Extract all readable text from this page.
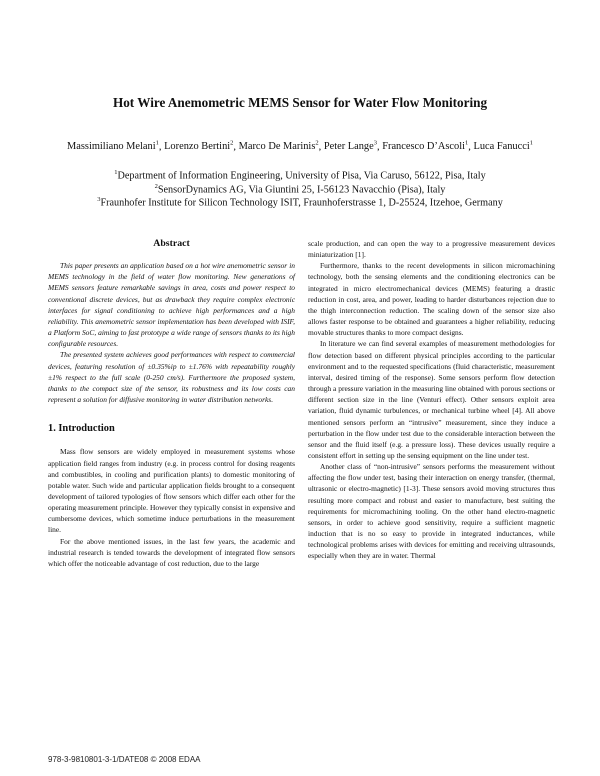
Hot Wire Anemometric MEMS Sensor for Water Flow Monitoring
Massimiliano Melani$^1$, Lorenzo Bertini$^2$, Marco De Marinis$^2$, Peter Lange$^3$, Francesco D’Ascoli$^1$, Luca Fanucci$^1$
$^1$Department of Information Engineering, University of Pisa, Via Caruso, 56122, Pisa, Italy
$^2$SensorDynamics AG, Via Giuntini 25, I-56123 Navacchio (Pisa), Italy
$^3$Fraunhofer Institute for Silicon Technology ISIT, Fraunhoferstrasse 1, D-25524, Itzehoe, Germany
Abstract

This paper presents an application based on a hot wire anemometric sensor in MEMS technology in the field of water flow monitoring. New generations of MEMS sensors feature remarkable savings in area, costs and power respect to conventional discrete devices, but as drawback they require complex electronic interfaces for signal conditioning to achieve high performances and a high reliability. This anemometric sensor implementation has been developed with ISIF, a Platform SoC, aiming to fast prototype a wide range of sensors thanks to its high configurable resources.

The presented system achieves good performances with respect to commercial devices, featuring resolution of ±0.35%ip to ±1.76% with repeatability roughly ±1% respect to the full scale (0-250 cm/s). Furthermore the proposed system, thanks to the compact size of the sensor, its robustness and its low costs can represent a solution for diffusive monitoring in water distribution networks.

1. Introduction

Mass flow sensors are widely employed in measurement systems whose application field ranges from industry (e.g. in process control for dosing reagents and combustibles, in cooling and purification plants) to domestic monitoring of potable water. Such wide and particular application fields brought to a consequent development of tailored typologies of flow sensors which differ each other for the operating measurement principle. However they typically consist in expensive and cumbersome devices, which sometime induce perturbations in the measurement line.

For the above mentioned issues, in the last few years, the academic and industrial research is tended towards the development of integrated flow sensors which offer the noticeable advantage of cost reduction, due to the large

scale production, and can open the way to a progressive measurement devices miniaturization [1].

Furthermore, thanks to the recent developments in silicon micromachining technology, both the sensing elements and the conditioning electronics can be integrated in micro electromechanical devices (MEMS) featuring a drastic reduction in cost, area, and power, leading to harder disturbances rejection due to the thigh interconnection reduction. The scaling down of the sensor size also allows faster response to be obtained and guarantees a higher reliability, reducing movable structures thanks to more compact designs.

In literature we can find several examples of measurement methodologies for flow detection based on different physical principles according to the particular environment and to the requested specifications (fluid characteristic, measurement interval, desired timing of the response). Some sensors perform flow detection through a pressure variation in the measuring line obtained with porous sections or different section size in the line (Venturi effect). Other sensors exploit area variation, fluid dynamic turbulences, or mechanical turbine wheel [4]. All above mentioned sensors perform an “intrusive” measurement, since they induce a perturbation in the flow under test due to the considerable interaction between the sensor and the fluid itself (e.g. a pressure loss). These devices usually require a consistent effort in setting up the sensing equipment on the line under test.

Another class of “non-intrusive” sensors performs the measurement without affecting the flow under test, basing their interaction on energy transfer, (thermal, ultrasonic or electro-magnetic) [1-3]. These sensors avoid moving structures thus resulting more compact and robust and easier to manufacture, best suiting the requirements for micromachining tooling. On the other hand electro-magnetic sensors, in order to achieve good sensitivity, require a sufficient magnetic induction that is no so easy to provide in integrated inductances, while technological problems arises with devices for emitting and receiving ultrasounds, especially when they are in water. Thermal

978-3-9810801-3-1/DATE08 © 2008 EDAA
